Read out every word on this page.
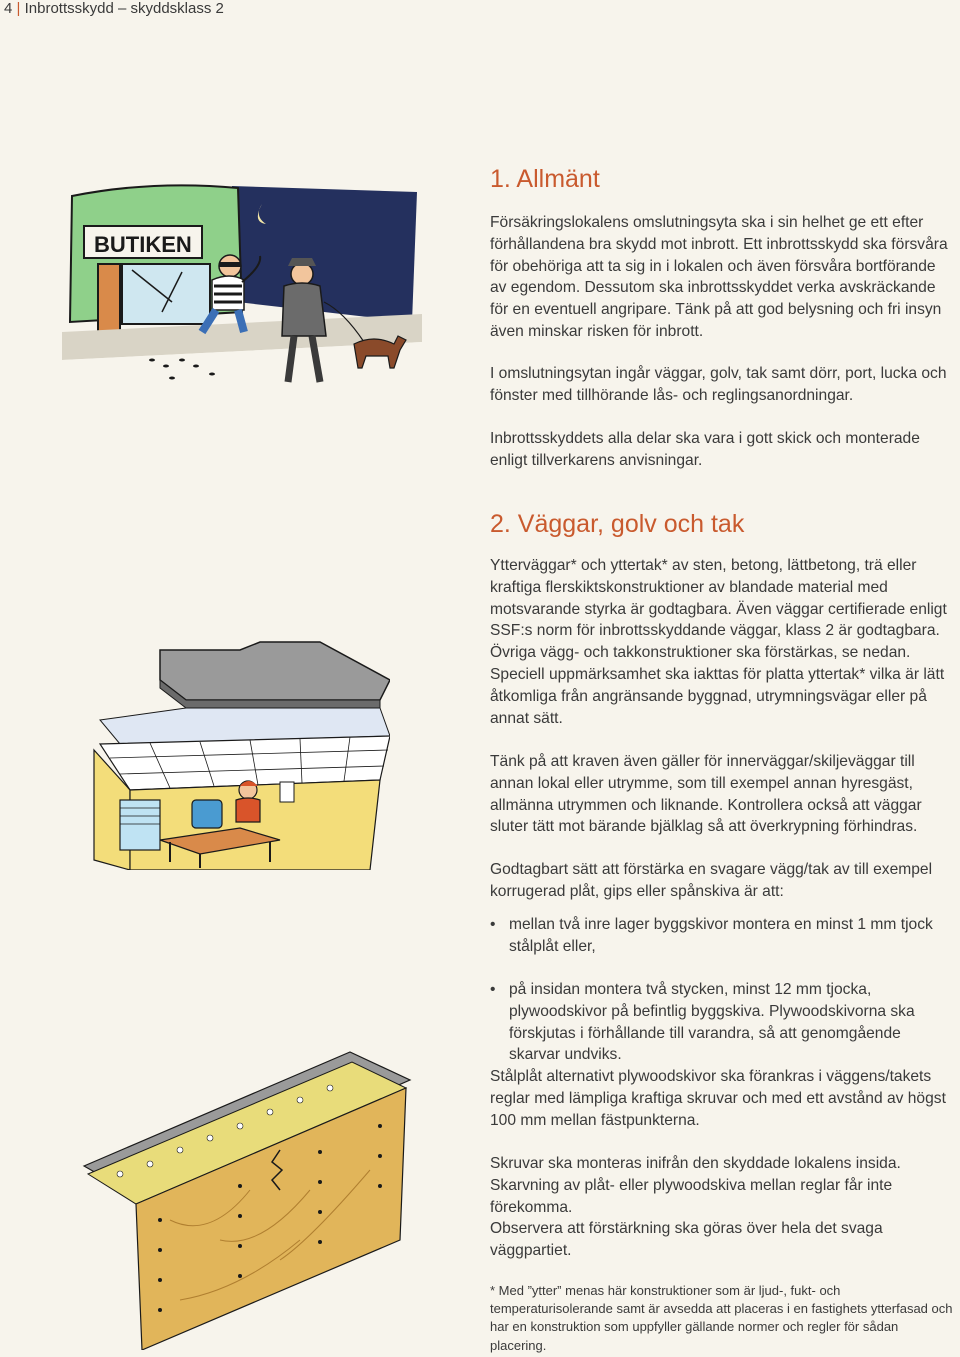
4 | Inbrottsskydd – skyddsklass 2
BUTIKEN
1. Allmänt

Försäkringslokalens omslutningsyta ska i sin helhet ge ett efter förhållandena bra skydd mot inbrott. Ett inbrottsskydd ska försvåra för obehöriga att ta sig in i lokalen och även försvåra bortförande av egendom. Dessutom ska inbrottsskyddet verka avskräckande för en eventuell angripare. Tänk på att god belysning och fri insyn även minskar risken för inbrott.

I omslutningsytan ingår väggar, golv, tak samt dörr, port, lucka och fönster med tillhörande lås- och reglingsanordningar.

Inbrottsskyddets alla delar ska vara i gott skick och monterade enligt tillverkarens anvisningar.

2. Väggar, golv och tak

Ytterväggar* och yttertak* av sten, betong, lättbetong, trä eller kraftiga flerskiktskonstruktioner av blandade material med motsvarande styrka är godtagbara. Även väggar certifierade enligt SSF:s norm för inbrottsskyddande väggar, klass 2 är godtagbara. Övriga vägg- och takkonstruktioner ska förstärkas, se nedan. Speciell uppmärksamhet ska iakttas för platta yttertak* vilka är lätt åtkomliga från angränsande byggnad, utrymningsvägar eller på annat sätt.

Tänk på att kraven även gäller för innerväggar/skiljeväggar till annan lokal eller utrymme, som till exempel annan hyresgäst, allmänna utrymmen och liknande. Kontrollera också att väggar sluter tätt mot bärande bjälklag så att överkrypning förhindras.

Godtagbart sätt att förstärka en svagare vägg/tak av till exempel korrugerad plåt, gips eller spånskiva är att:

• mellan två inre lager byggskivor montera en minst 1 mm tjock stålplåt eller,
• på insidan montera två stycken, minst 12 mm tjocka, plywoodskivor på befintlig byggskiva. Plywoodskivorna ska förskjutas i förhållande till varandra, så att genomgående skarvar undviks.

Stålplåt alternativt plywoodskivor ska förankras i väggens/takets reglar med lämpliga kraftiga skruvar och med ett avstånd av högst 100 mm mellan fästpunkterna.

Skruvar ska monteras inifrån den skyddade lokalens insida. Skarvning av plåt- eller plywoodskiva mellan reglar får inte förekomma.

Observera att förstärkning ska göras över hela det svaga väggpartiet.

* Med ”ytter” menas här konstruktioner som är ljud-, fukt- och temperaturisolerande samt är avsedda att placeras i en fastighets ytterfasad och har en konstruktion som uppfyller gällande normer och regler för sådan placering.
